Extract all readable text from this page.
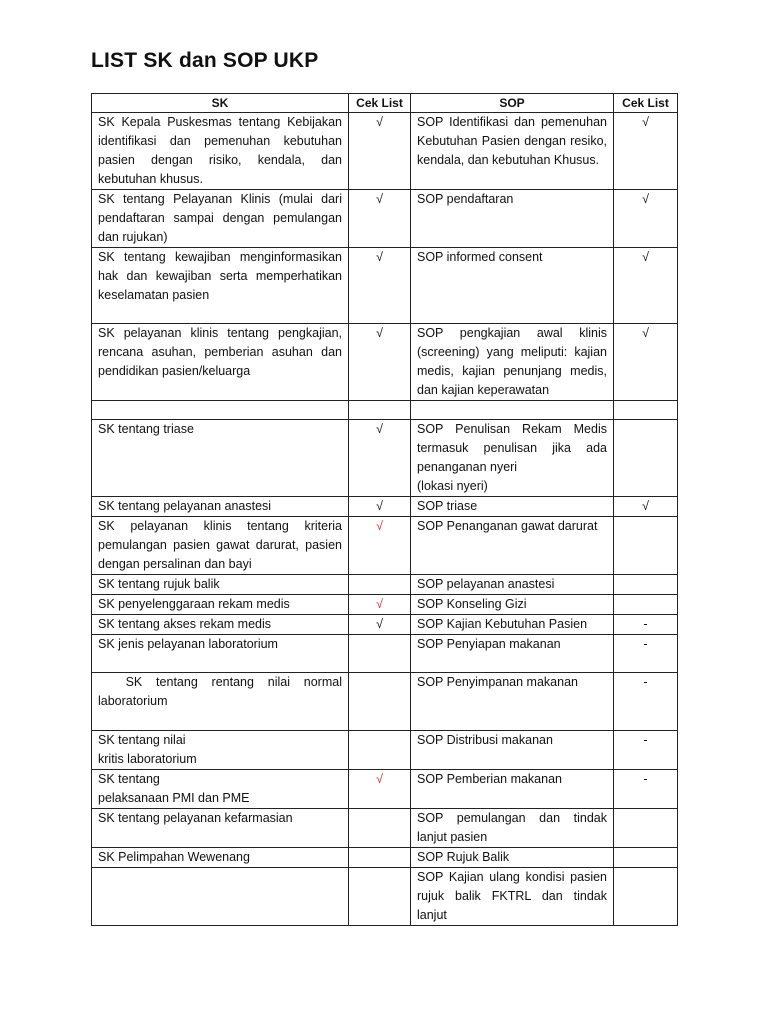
LIST SK dan SOP UKP
SK	Cek List	SOP	Cek List
SK Kepala Puskesmas tentang Kebijakan identifikasi dan pemenuhan kebutuhan pasien dengan risiko, kendala, dan kebutuhan khusus.	√	SOP Identifikasi dan pemenuhan Kebutuhan Pasien dengan resiko, kendala, dan kebutuhan Khusus.	√
SK tentang Pelayanan Klinis (mulai dari pendaftaran sampai dengan pemulangan dan rujukan)	√	SOP pendaftaran	√
SK tentang kewajiban menginformasikan hak dan kewajiban serta memperhatikan keselamatan pasien	√	SOP informed consent	√
SK pelayanan klinis tentang pengkajian, rencana asuhan, pemberian asuhan dan pendidikan pasien/keluarga	√	SOP pengkajian awal klinis (screening) yang meliputi: kajian medis, kajian penunjang medis, dan kajian keperawatan	√

SK tentang triase	√	SOP Penulisan Rekam Medis termasuk penulisan jika ada penanganan nyeri
(lokasi nyeri)	
SK tentang pelayanan anastesi	√	SOP triase	√
SK pelayanan klinis tentang kriteria pemulangan pasien gawat darurat, pasien dengan persalinan dan bayi	√	SOP Penanganan gawat darurat	
SK tentang rujuk balik		SOP pelayanan anastesi	
SK penyelenggaraan rekam medis	√	SOP Konseling Gizi	
SK tentang akses rekam medis	√	SOP Kajian Kebutuhan Pasien	-
SK jenis pelayanan laboratorium		SOP Penyiapan makanan	-
SK tentang rentang nilai normal laboratorium		SOP Penyimpanan makanan	-
SK tentang nilai
kritis laboratorium		SOP Distribusi makanan	-
SK tentang
pelaksanaan PMI dan PME	√	SOP Pemberian makanan	-
SK tentang pelayanan kefarmasian		SOP pemulangan dan tindak lanjut pasien	
SK Pelimpahan Wewenang		SOP Rujuk Balik	
		SOP Kajian ulang kondisi pasien rujuk balik FKTRL dan tindak lanjut	
